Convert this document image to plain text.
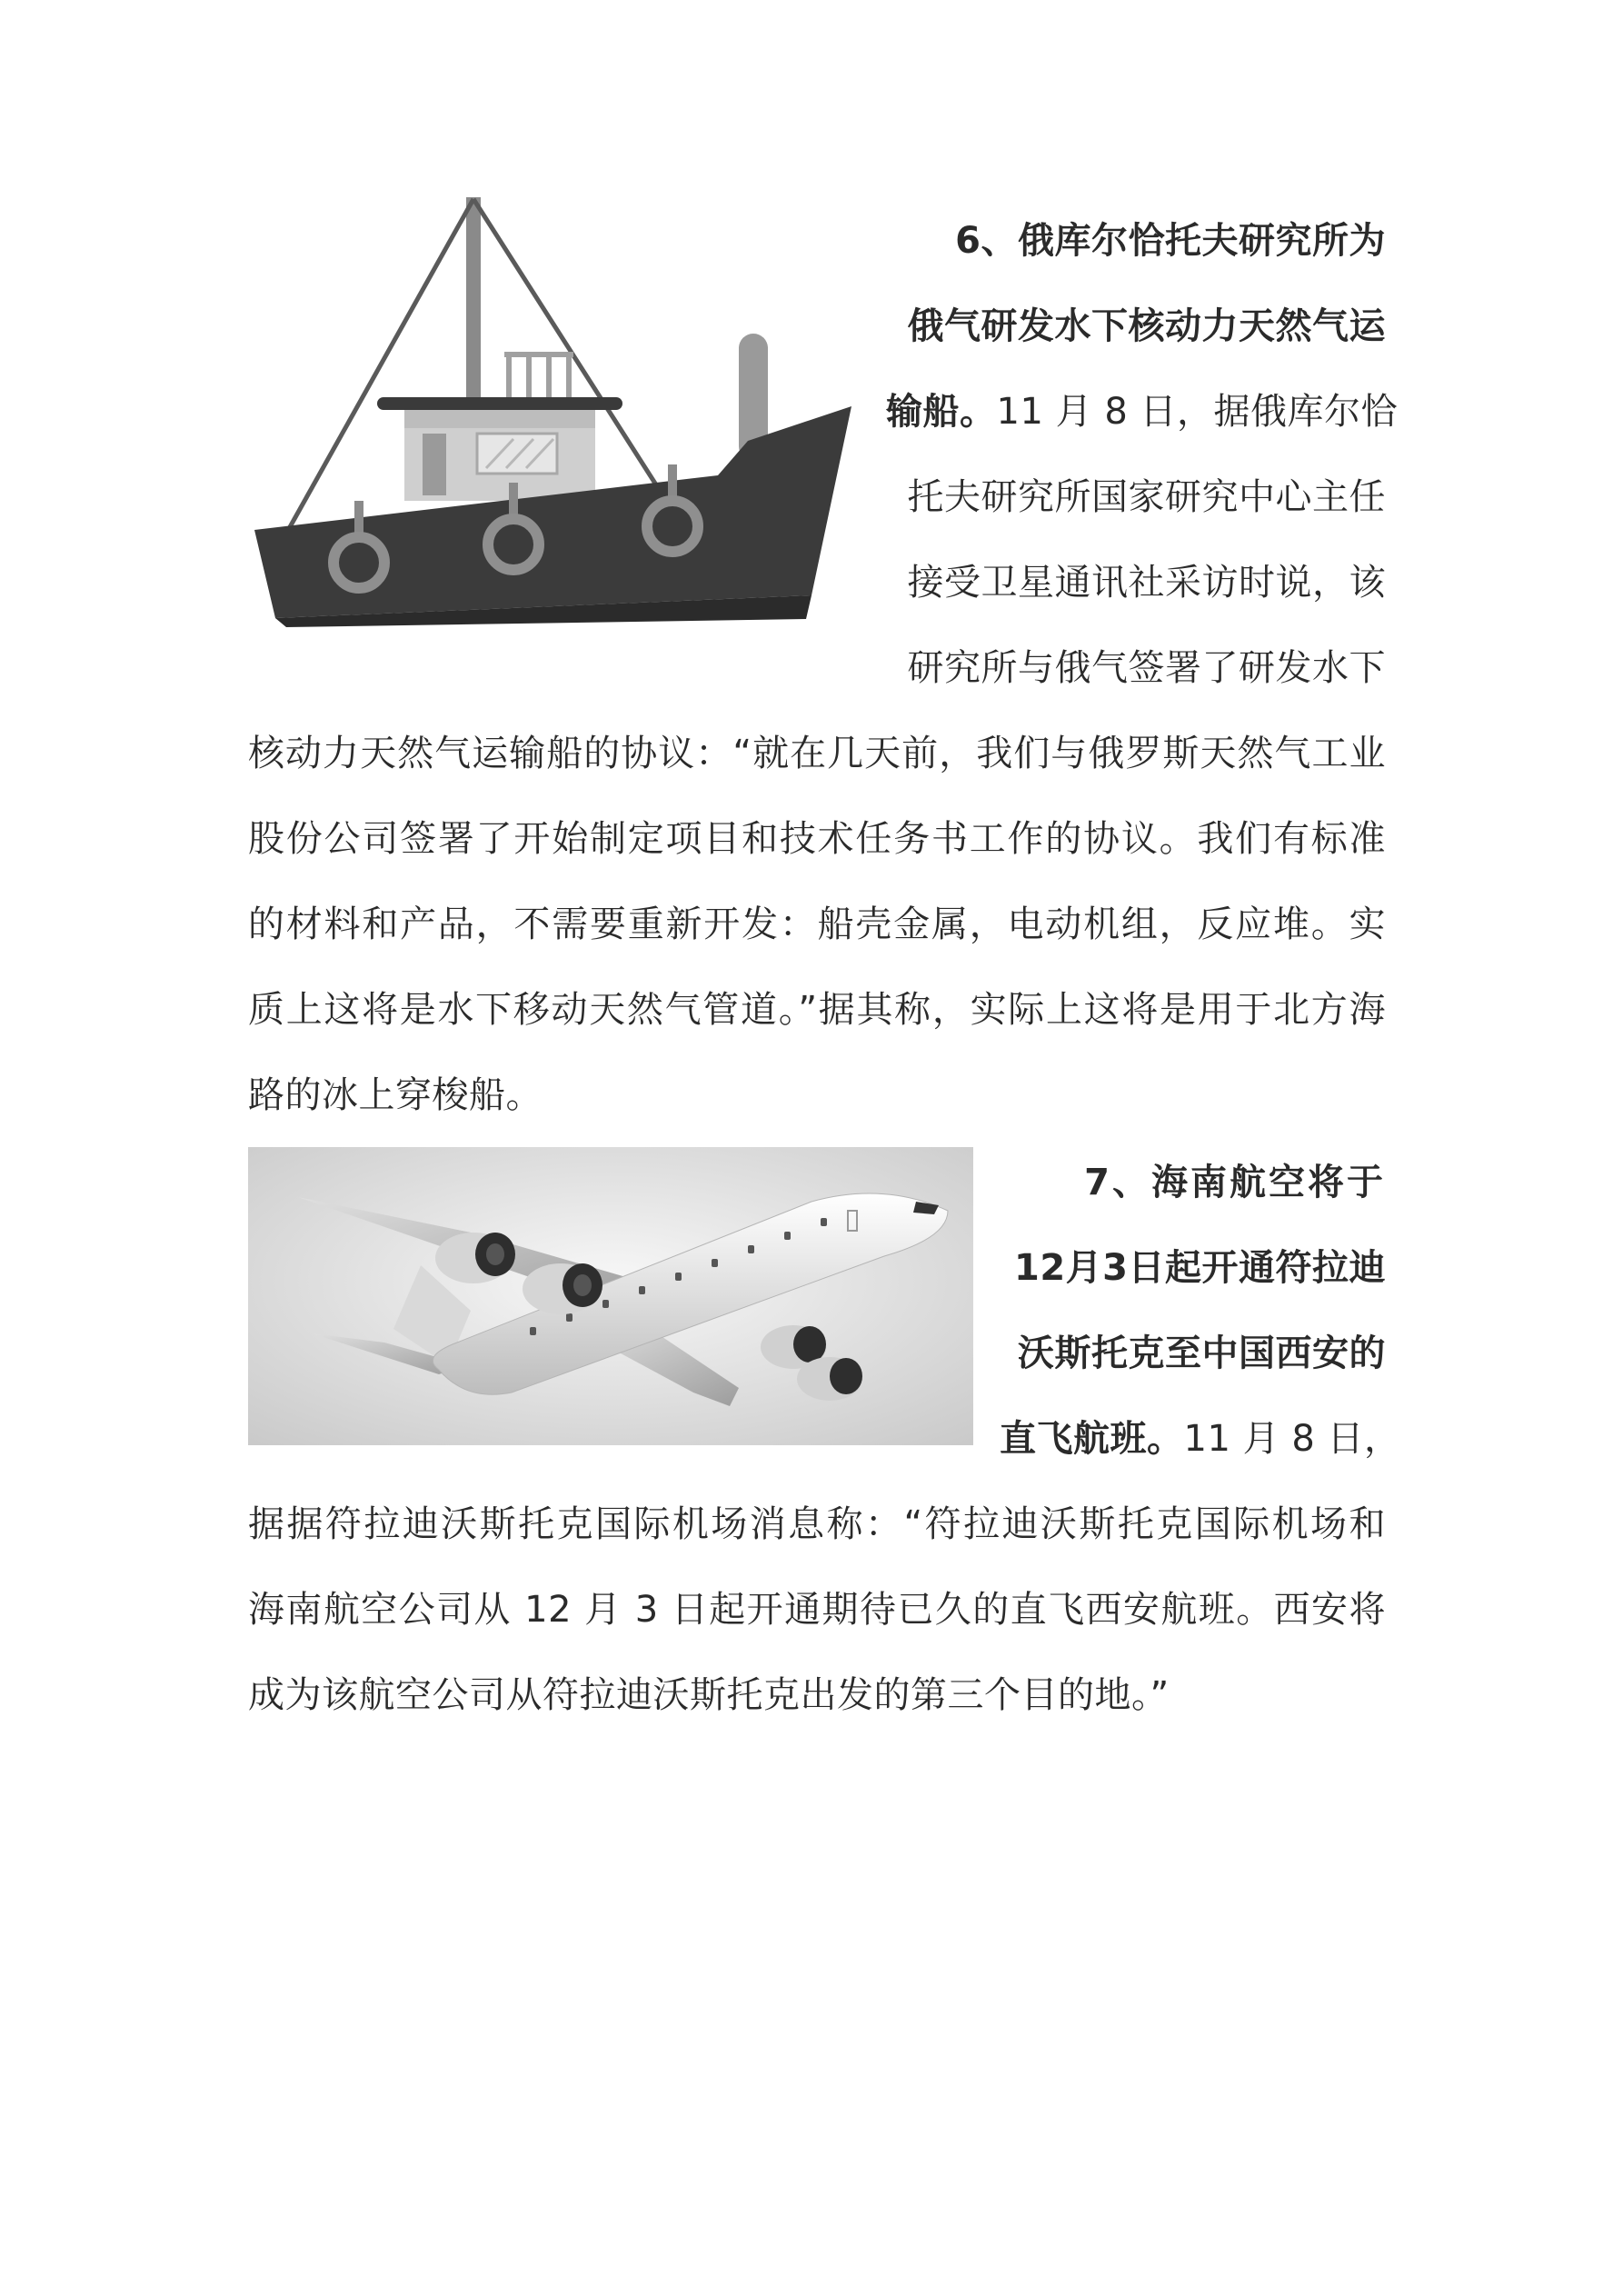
6、俄库尔恰托夫研究所为
俄气研发水下核动力天然气运
输船。11 月 8 日，据俄库尔恰
托夫研究所国家研究中心主任
接受卫星通讯社采访时说，该
研究所与俄气签署了研发水下
核动力天然气运输船的协议：“就在几天前，我们与俄罗斯天然气工业
股份公司签署了开始制定项目和技术任务书工作的协议。我们有标准
的材料和产品，不需要重新开发：船壳金属，电动机组，反应堆。实
质上这将是水下移动天然气管道。”据其称，实际上这将是用于北方海
路的冰上穿梭船。
7、海南航空将于
12月3日起开通符拉迪
沃斯托克至中国西安的
直飞航班。11 月 8 日，
据据符拉迪沃斯托克国际机场消息称：“符拉迪沃斯托克国际机场和
海南航空公司从 12 月 3 日起开通期待已久的直飞西安航班。西安将
成为该航空公司从符拉迪沃斯托克出发的第三个目的地。”
